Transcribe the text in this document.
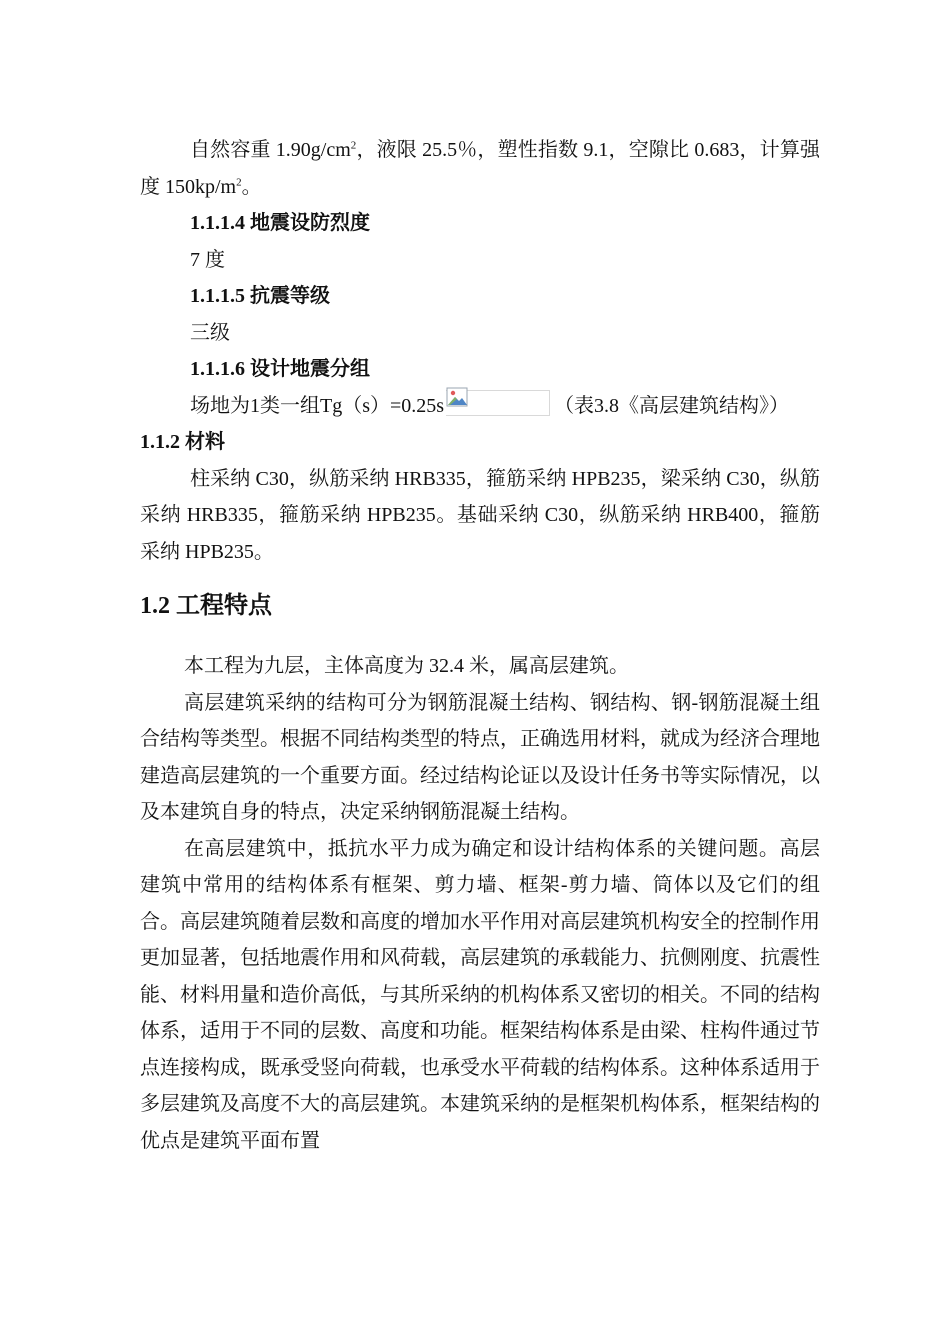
自然容重 $1.90g/cm^2$，液限 25.5％，塑性指数 9.1，空隙比 0.683，计算强度 $150kp/m^2$。

1.1.1.4 地震设防烈度

7 度

1.1.1.5 抗震等级

三级

1.1.1.6 设计地震分组

场地为1类一组Tg（s）=0.25s	（表3.8《高层建筑结构》）

1.1.2 材料

柱采纳 C30，纵筋采纳 HRB335，箍筋采纳 HPB235，梁采纳 C30，纵筋采纳 HRB335，箍筋采纳 HPB235。基础采纳 C30，纵筋采纳 HRB400，箍筋采纳 HPB235。

1.2 工程特点

本工程为九层，主体高度为 32.4 米，属高层建筑。

高层建筑采纳的结构可分为钢筋混凝土结构、钢结构、钢-钢筋混凝土组合结构等类型。根据不同结构类型的特点，正确选用材料，就成为经济合理地建造高层建筑的一个重要方面。经过结构论证以及设计任务书等实际情况，以及本建筑自身的特点，决定采纳钢筋混凝土结构。

在高层建筑中，抵抗水平力成为确定和设计结构体系的关键问题。高层建筑中常用的结构体系有框架、剪力墙、框架-剪力墙、筒体以及它们的组合。高层建筑随着层数和高度的增加水平作用对高层建筑机构安全的控制作用更加显著，包括地震作用和风荷载，高层建筑的承载能力、抗侧刚度、抗震性能、材料用量和造价高低，与其所采纳的机构体系又密切的相关。不同的结构体系，适用于不同的层数、高度和功能。框架结构体系是由梁、柱构件通过节点连接构成，既承受竖向荷载，也承受水平荷载的结构体系。这种体系适用于多层建筑及高度不大的高层建筑。本建筑采纳的是框架机构体系，框架结构的优点是建筑平面布置
